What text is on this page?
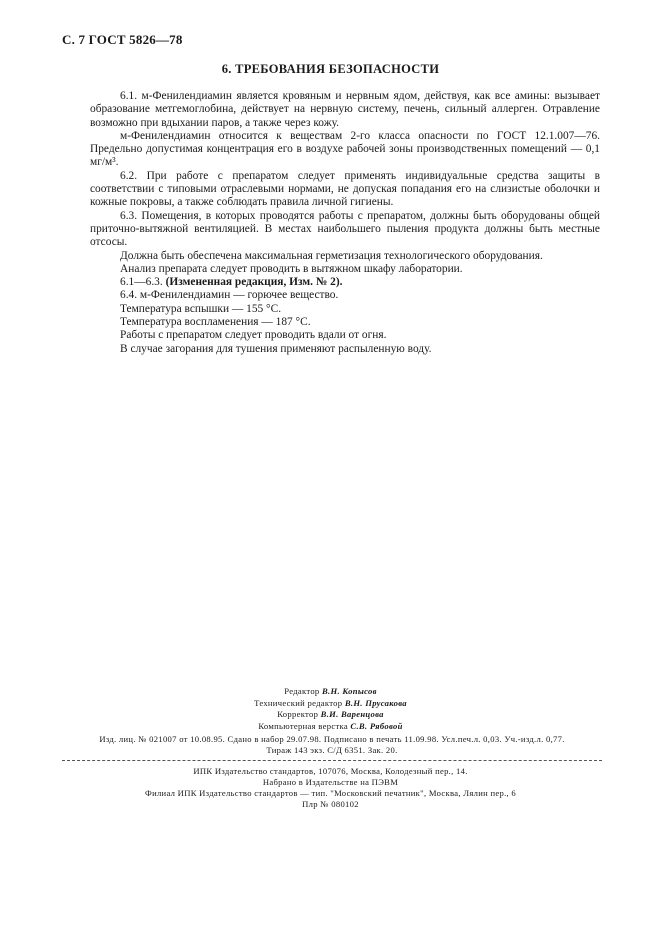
С. 7 ГОСТ 5826—78
6. ТРЕБОВАНИЯ БЕЗОПАСНОСТИ

6.1. м-Фенилендиамин является кровяным и нервным ядом, действуя, как все амины: вызывает образование метгемоглобина, действует на нервную систему, печень, сильный аллерген. Отравление возможно при вдыхании паров, а также через кожу.

м-Фенилендиамин относится к веществам 2-го класса опасности по ГОСТ 12.1.007—76. Предельно допустимая концентрация его в воздухе рабочей зоны производственных помещений — 0,1 мг/м³.

6.2. При работе с препаратом следует применять индивидуальные средства защиты в соответствии с типовыми отраслевыми нормами, не допуская попадания его на слизистые оболочки и кожные покровы, а также соблюдать правила личной гигиены.

6.3. Помещения, в которых проводятся работы с препаратом, должны быть оборудованы общей приточно-вытяжной вентиляцией. В местах наибольшего пыления продукта должны быть местные отсосы.

Должна быть обеспечена максимальная герметизация технологического оборудования.

Анализ препарата следует проводить в вытяжном шкафу лаборатории.

6.1—6.3. (Измененная редакция, Изм. № 2).

6.4. м-Фенилендиамин — горючее вещество.

Температура вспышки — 155 °С.

Температура воспламенения — 187 °С.

Работы с препаратом следует проводить вдали от огня.

В случае загорания для тушения применяют распыленную воду.

Редактор В.Н. Копысов
Технический редактор В.Н. Прусакова
Корректор В.И. Варенцова
Компьютерная верстка С.В. Рябовой
Изд. лиц. № 021007 от 10.08.95. Сдано в набор 29.07.98. Подписано в печать 11.09.98. Усл.печ.л. 0,03. Уч.-изд.л. 0,77.
Тираж 143 экз. С/Д 6351. Зак. 20.
ИПК Издательство стандартов, 107076, Москва, Колодезный пер., 14.
Набрано в Издательстве на ПЭВМ
Филиал ИПК Издательство стандартов — тип. "Московский печатник", Москва, Лялин пер., 6
Плр № 080102
